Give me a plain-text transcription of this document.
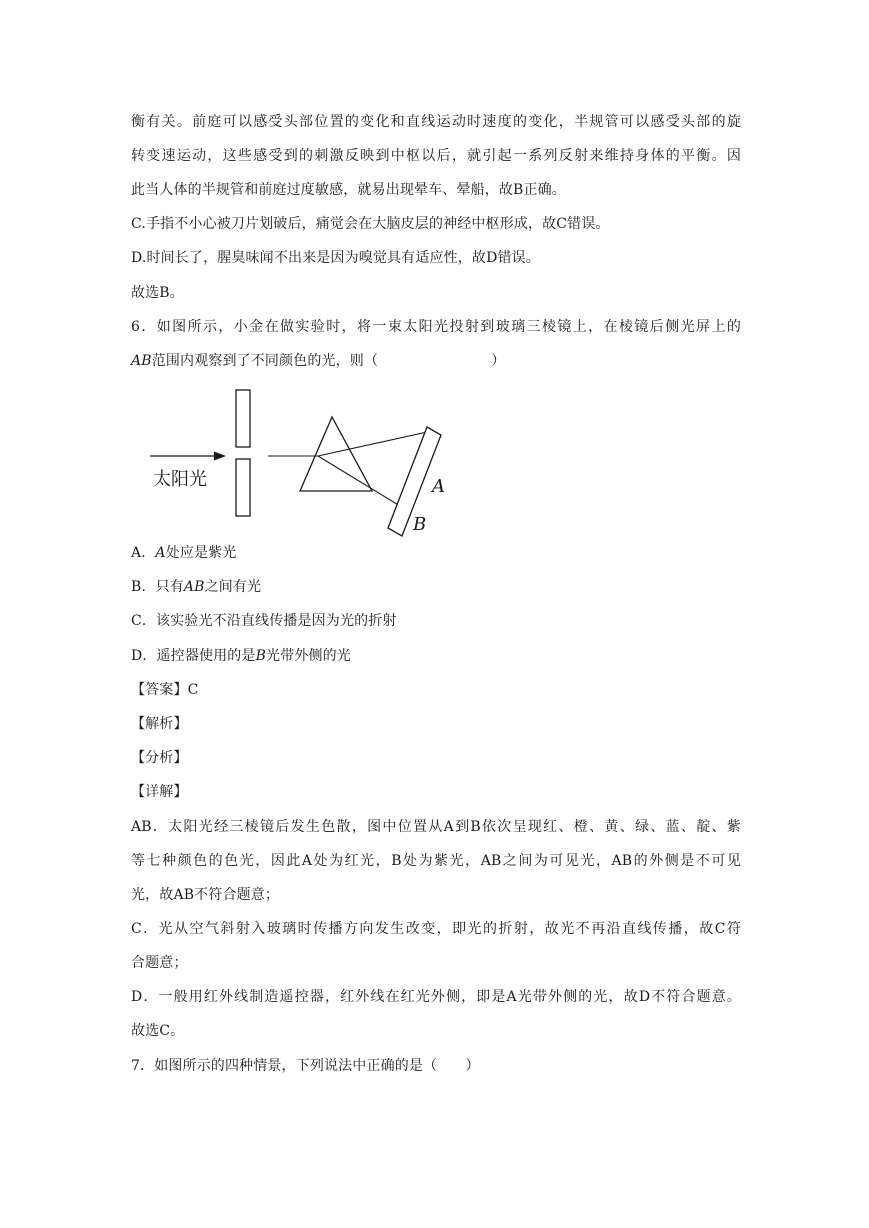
衡有关。前庭可以感受头部位置的变化和直线运动时速度的变化，半规管可以感受头部的旋
转变速运动，这些感受到的刺激反映到中枢以后，就引起一系列反射来维持身体的平衡。因
此当人体的半规管和前庭过度敏感，就易出现晕车、晕船，故B正确。
C.手指不小心被刀片划破后，痛觉会在大脑皮层的神经中枢形成，故C错误。
D.时间长了，腥臭味闻不出来是因为嗅觉具有适应性，故D错误。
故选B。
6．如图所示，小金在做实验时，将一束太阳光投射到玻璃三棱镜上，在棱镜后侧光屏上的
AB范围内观察到了不同颜色的光，则（　　　　　　　　）
太阳光	A
B
A．A处应是紫光
B．只有AB之间有光
C．该实验光不沿直线传播是因为光的折射
D．遥控器使用的是B光带外侧的光
【答案】C
【解析】
【分析】
【详解】
AB．太阳光经三棱镜后发生色散，图中位置从A到B依次呈现红、橙、黄、绿、蓝、靛、紫
等七种颜色的色光，因此A处为红光，B处为紫光，AB之间为可见光，AB的外侧是不可见
光，故AB不符合题意；
C．光从空气斜射入玻璃时传播方向发生改变，即光的折射，故光不再沿直线传播，故C符
合题意；
D．一般用红外线制造遥控器，红外线在红光外侧，即是A光带外侧的光，故D不符合题意。
故选C。
7．如图所示的四种情景，下列说法中正确的是（　　）
